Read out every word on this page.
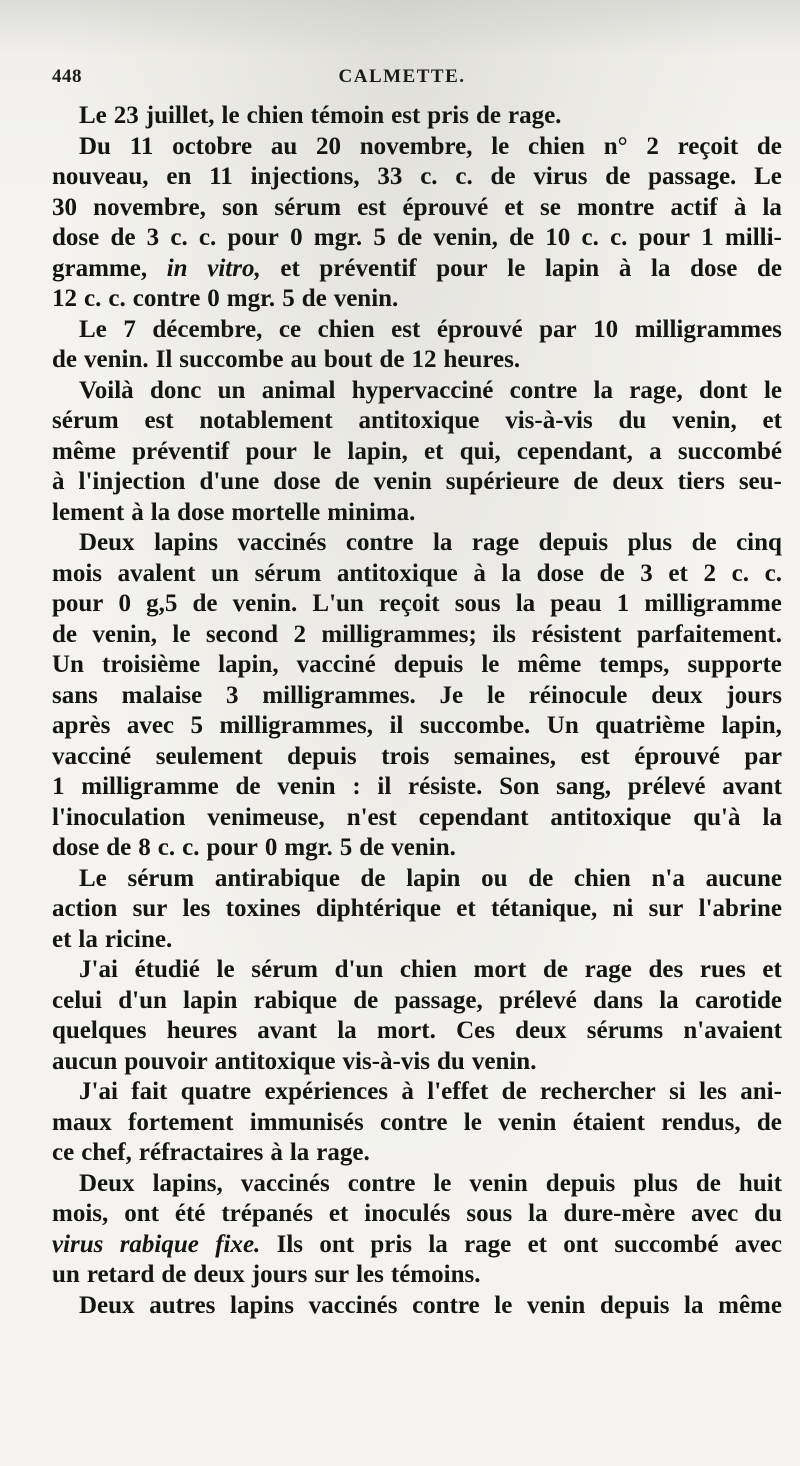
448	CALMETTE.
Le 23 juillet, le chien témoin est pris de rage.
Du 11 octobre au 20 novembre, le chien n° 2 reçoit de
nouveau, en 11 injections, 33 c. c. de virus de passage. Le
30 novembre, son sérum est éprouvé et se montre actif à la
dose de 3 c. c. pour 0 mgr. 5 de venin, de 10 c. c. pour 1 milli-
gramme, in vitro, et préventif pour le lapin à la dose de
12 c. c. contre 0 mgr. 5 de venin.
Le 7 décembre, ce chien est éprouvé par 10 milligrammes
de venin. Il succombe au bout de 12 heures.
Voilà donc un animal hypervacciné contre la rage, dont le
sérum est notablement antitoxique vis-à-vis du venin, et
même préventif pour le lapin, et qui, cependant, a succombé
à l'injection d'une dose de venin supérieure de deux tiers seu-
lement à la dose mortelle minima.
Deux lapins vaccinés contre la rage depuis plus de cinq
mois avalent un sérum antitoxique à la dose de 3 et 2 c. c.
pour 0 g,5 de venin. L'un reçoit sous la peau 1 milligramme
de venin, le second 2 milligrammes; ils résistent parfaitement.
Un troisième lapin, vacciné depuis le même temps, supporte
sans malaise 3 milligrammes. Je le réinocule deux jours
après avec 5 milligrammes, il succombe. Un quatrième lapin,
vacciné seulement depuis trois semaines, est éprouvé par
1 milligramme de venin : il résiste. Son sang, prélevé avant
l'inoculation venimeuse, n'est cependant antitoxique qu'à la
dose de 8 c. c. pour 0 mgr. 5 de venin.
Le sérum antirabique de lapin ou de chien n'a aucune
action sur les toxines diphtérique et tétanique, ni sur l'abrine
et la ricine.
J'ai étudié le sérum d'un chien mort de rage des rues et
celui d'un lapin rabique de passage, prélevé dans la carotide
quelques heures avant la mort. Ces deux sérums n'avaient
aucun pouvoir antitoxique vis-à-vis du venin.
J'ai fait quatre expériences à l'effet de rechercher si les ani-
maux fortement immunisés contre le venin étaient rendus, de
ce chef, réfractaires à la rage.
Deux lapins, vaccinés contre le venin depuis plus de huit
mois, ont été trépanés et inoculés sous la dure-mère avec du
virus rabique fixe. Ils ont pris la rage et ont succombé avec
un retard de deux jours sur les témoins.
Deux autres lapins vaccinés contre le venin depuis la même
